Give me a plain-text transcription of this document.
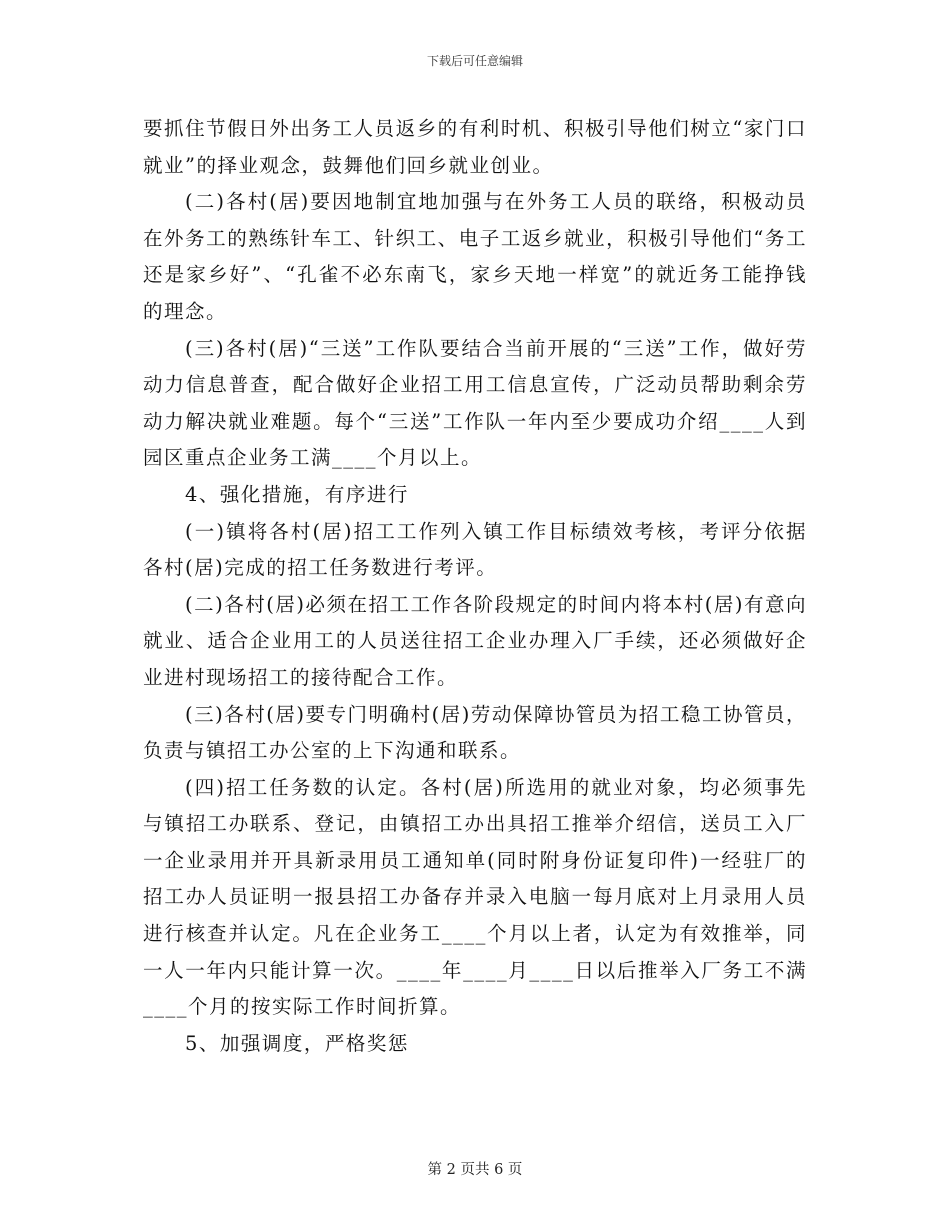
下载后可任意编辑

要抓住节假日外出务工人员返乡的有利时机、积极引导他们树立“家门口就业”的择业观念，鼓舞他们回乡就业创业。

(二)各村(居)要因地制宜地加强与在外务工人员的联络，积极动员在外务工的熟练针车工、针织工、电子工返乡就业，积极引导他们“务工还是家乡好”、“孔雀不必东南飞，家乡天地一样宽”的就近务工能挣钱的理念。

(三)各村(居)“三送”工作队要结合当前开展的“三送”工作，做好劳动力信息普查，配合做好企业招工用工信息宣传，广泛动员帮助剩余劳动力解决就业难题。每个“三送”工作队一年内至少要成功介绍____人到园区重点企业务工满____个月以上。

4、强化措施，有序进行

(一)镇将各村(居)招工工作列入镇工作目标绩效考核，考评分依据各村(居)完成的招工任务数进行考评。

(二)各村(居)必须在招工工作各阶段规定的时间内将本村(居)有意向就业、适合企业用工的人员送往招工企业办理入厂手续，还必须做好企业进村现场招工的接待配合工作。

(三)各村(居)要专门明确村(居)劳动保障协管员为招工稳工协管员，负责与镇招工办公室的上下沟通和联系。

(四)招工任务数的认定。各村(居)所选用的就业对象，均必须事先与镇招工办联系、登记，由镇招工办出具招工推举介绍信，送员工入厂一企业录用并开具新录用员工通知单(同时附身份证复印件)一经驻厂的招工办人员证明一报县招工办备存并录入电脑一每月底对上月录用人员进行核查并认定。凡在企业务工____个月以上者，认定为有效推举，同一人一年内只能计算一次。____年____月____日以后推举入厂务工不满____个月的按实际工作时间折算。

5、加强调度，严格奖惩

第 2 页共 6 页
